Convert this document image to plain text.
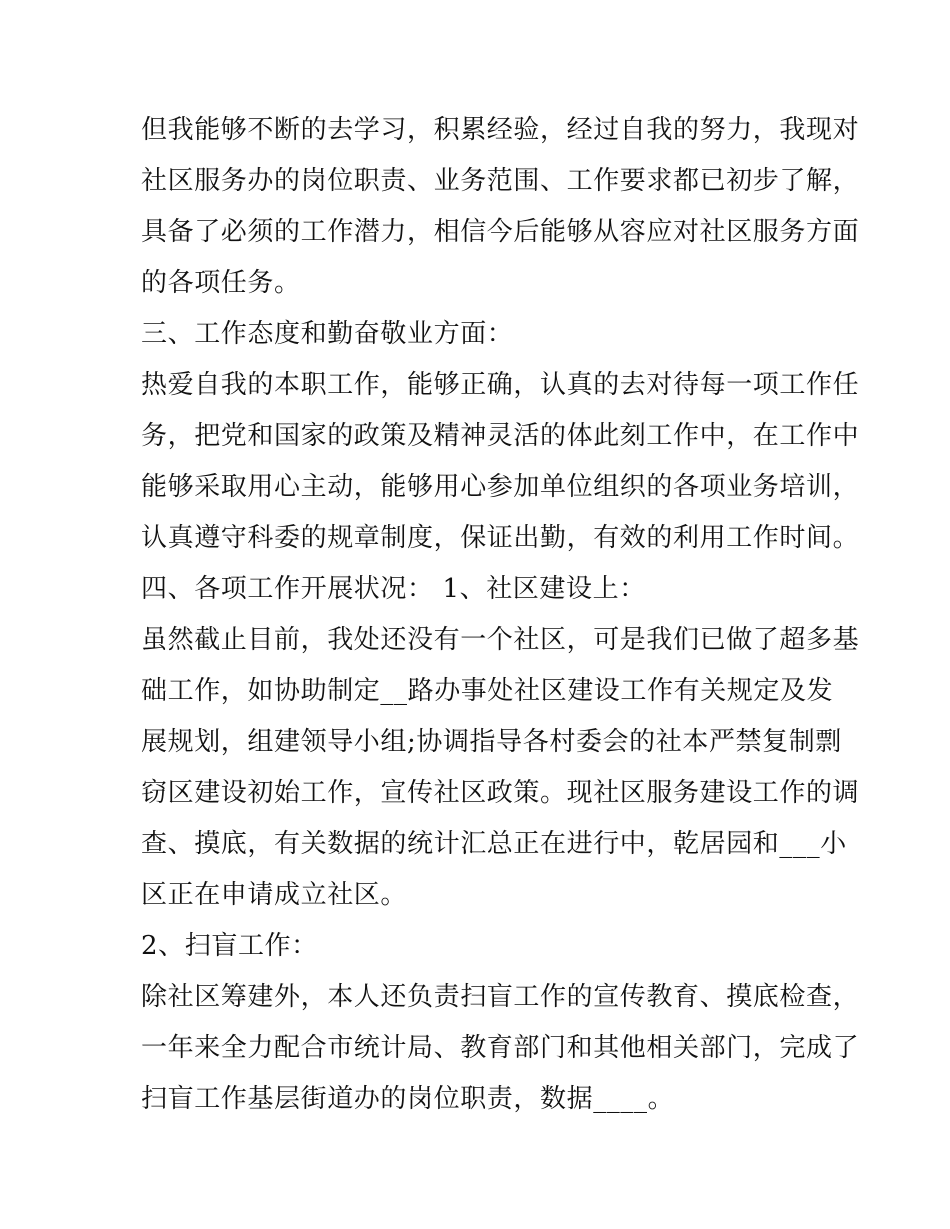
但我能够不断的去学习，积累经验，经过自我的努力，我现对
社区服务办的岗位职责、业务范围、工作要求都已初步了解，
具备了必须的工作潜力，相信今后能够从容应对社区服务方面
的各项任务。
三、工作态度和勤奋敬业方面：
热爱自我的本职工作，能够正确，认真的去对待每一项工作任
务，把党和国家的政策及精神灵活的体此刻工作中，在工作中
能够采取用心主动，能够用心参加单位组织的各项业务培训，
认真遵守科委的规章制度，保证出勤，有效的利用工作时间。
四、各项工作开展状况： 1、社区建设上：
虽然截止目前，我处还没有一个社区，可是我们已做了超多基
础工作，如协助制定__路办事处社区建设工作有关规定及发
展规划，组建领导小组;协调指导各村委会的社本严禁复制剽
窃区建设初始工作，宣传社区政策。现社区服务建设工作的调
查、摸底，有关数据的统计汇总正在进行中，乾居园和___小
区正在申请成立社区。
2、扫盲工作：
除社区筹建外，本人还负责扫盲工作的宣传教育、摸底检查，
一年来全力配合市统计局、教育部门和其他相关部门，完成了
扫盲工作基层街道办的岗位职责，数据____。
